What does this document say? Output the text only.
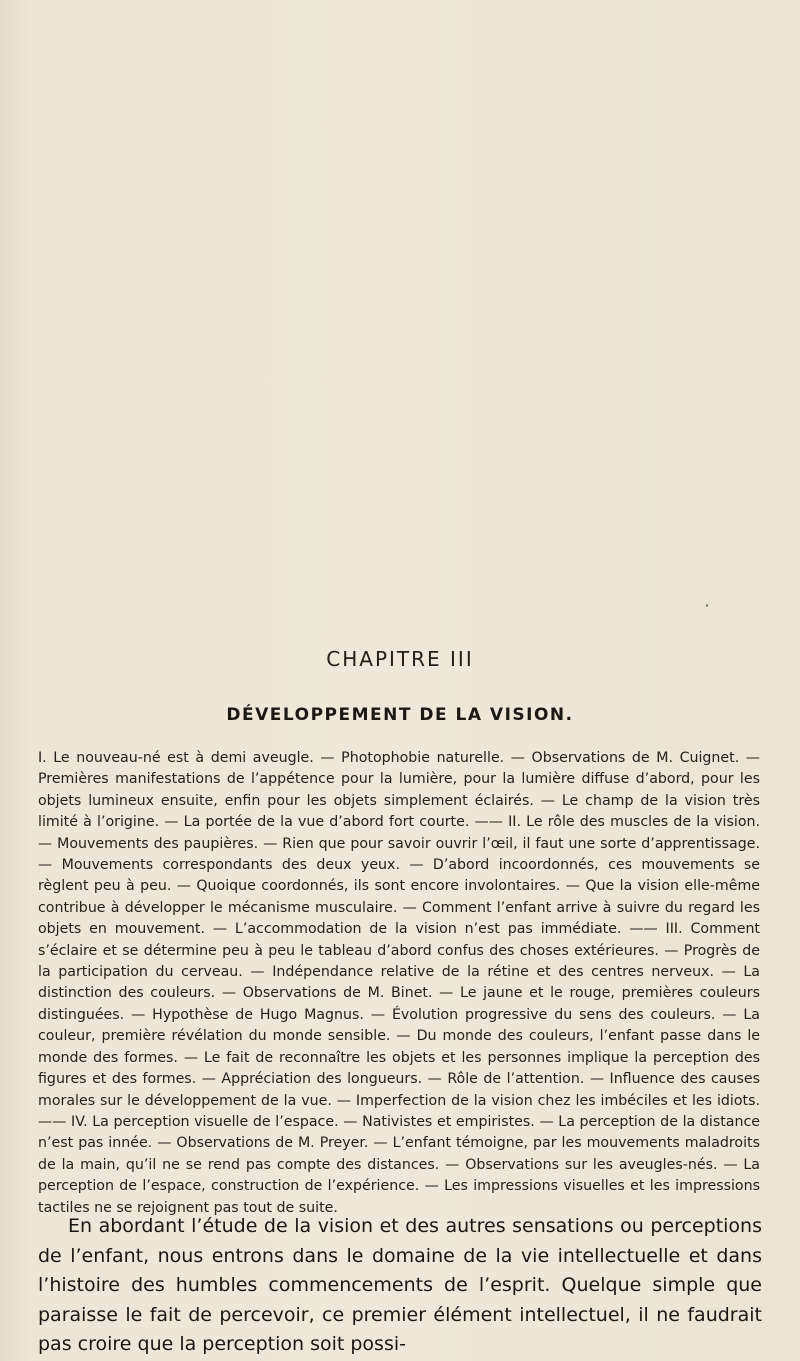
CHAPITRE III
DÉVELOPPEMENT DE LA VISION.

I. Le nouveau-né est à demi aveugle. — Photophobie naturelle. — Observations de M. Cuignet. — Premières manifestations de l’appétence pour la lumière, pour la lumière diffuse d’abord, pour les objets lumineux ensuite, enfin pour les objets simplement éclairés. — Le champ de la vision très limité à l’origine. — La portée de la vue d’abord fort courte. —— II. Le rôle des muscles de la vision. — Mouvements des paupières. — Rien que pour savoir ouvrir l’œil, il faut une sorte d’apprentissage. — Mouvements correspondants des deux yeux. — D’abord incoordonnés, ces mouvements se règlent peu à peu. — Quoique coordonnés, ils sont encore involontaires. — Que la vision elle-même contribue à développer le mécanisme musculaire. — Comment l’enfant arrive à suivre du regard les objets en mouvement. — L’accommodation de la vision n’est pas immédiate. —— III. Comment s’éclaire et se détermine peu à peu le tableau d’abord confus des choses extérieures. — Progrès de la participation du cerveau. — Indépendance relative de la rétine et des centres nerveux. — La distinction des couleurs. — Observations de M. Binet. — Le jaune et le rouge, premières couleurs distinguées. — Hypothèse de Hugo Magnus. — Évolution progressive du sens des couleurs. — La couleur, première révélation du monde sensible. — Du monde des couleurs, l’enfant passe dans le monde des formes. — Le fait de reconnaître les objets et les personnes implique la perception des figures et des formes. — Appréciation des longueurs. — Rôle de l’attention. — Influence des causes morales sur le développement de la vue. — Imperfection de la vision chez les imbéciles et les idiots. —— IV. La perception visuelle de l’espace. — Nativistes et empiristes. — La perception de la distance n’est pas innée. — Observations de M. Preyer. — L’enfant témoigne, par les mouvements maladroits de la main, qu’il ne se rend pas compte des distances. — Observations sur les aveugles-nés. — La perception de l’espace, construction de l’expérience. — Les impressions visuelles et les impressions tactiles ne se rejoignent pas tout de suite.

En abordant l’étude de la vision et des autres sensations ou perceptions de l’enfant, nous entrons dans le domaine de la vie intellectuelle et dans l’histoire des humbles commencements de l’esprit. Quelque simple que paraisse le fait de percevoir, ce premier élément intellectuel, il ne faudrait pas croire que la perception soit possi-
